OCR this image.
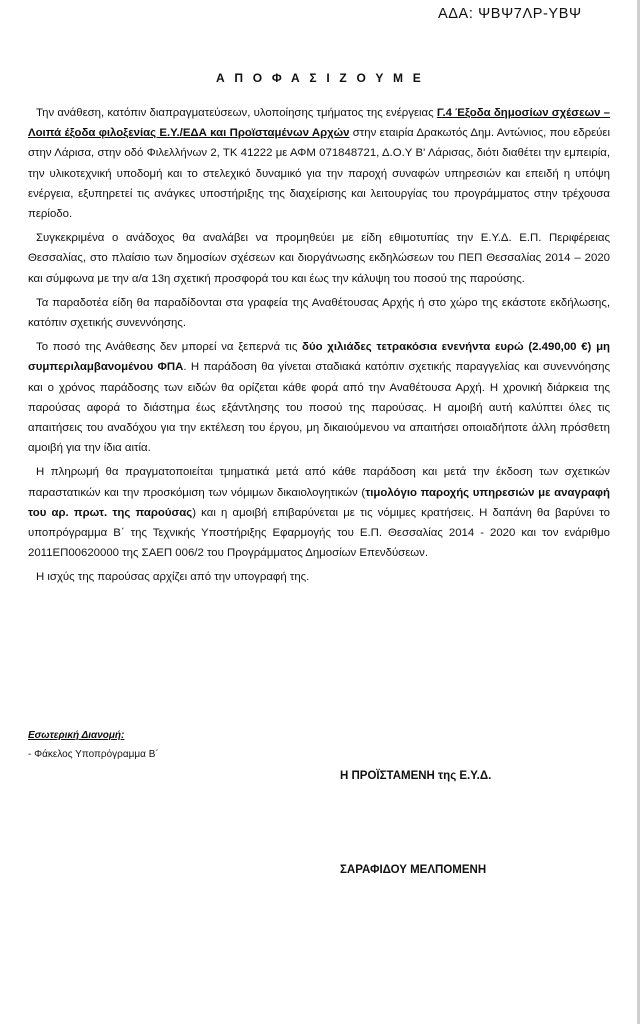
ΑΔΑ: ΨΒΨ7ΛΡ-ΥΒΨ
Α Π Ο Φ Α Σ Ι Ζ Ο Υ Μ Ε

Την ανάθεση, κατόπιν διαπραγματεύσεων, υλοποίησης τμήματος της ενέργειας Γ.4 Έξοδα δημοσίων σχέσεων – Λοιπά έξοδα φιλοξενίας Ε.Υ./ΕΔΑ και Προϊσταμένων Αρχών στην εταιρία Δρακωτός Δημ. Αντώνιος, που εδρεύει στην Λάρισα, στην οδό Φιλελλήνων 2, ΤΚ 41222 με ΑΦΜ 071848721, Δ.Ο.Υ Β' Λάρισας, διότι διαθέτει την εμπειρία, την υλικοτεχνική υποδομή και το στελεχικό δυναμικό για την παροχή συναφών υπηρεσιών και επειδή η υπόψη ενέργεια, εξυπηρετεί τις ανάγκες υποστήριξης της διαχείρισης και λειτουργίας του προγράμματος στην τρέχουσα περίοδο.

Συγκεκριμένα ο ανάδοχος θα αναλάβει να προμηθεύει με είδη εθιμοτυπίας την Ε.Υ.Δ. Ε.Π. Περιφέρειας Θεσσαλίας, στο πλαίσιο των δημοσίων σχέσεων και διοργάνωσης εκδηλώσεων του ΠΕΠ Θεσσαλίας 2014 – 2020 και σύμφωνα με την α/α 13η σχετική προσφορά του και έως την κάλυψη του ποσού της παρούσης.

Τα παραδοτέα είδη θα παραδίδονται στα γραφεία της Αναθέτουσας Αρχής ή στο χώρο της εκάστοτε εκδήλωσης, κατόπιν σχετικής συνεννόησης.

Το ποσό της Ανάθεσης δεν μπορεί να ξεπερνά τις δύο χιλιάδες τετρακόσια ενενήντα ευρώ (2.490,00 €) μη συμπεριλαμβανομένου ΦΠΑ. Η παράδοση θα γίνεται σταδιακά κατόπιν σχετικής παραγγελίας και συνεννόησης και ο χρόνος παράδοσης των ειδών θα ορίζεται κάθε φορά από την Αναθέτουσα Αρχή. Η χρονική διάρκεια της παρούσας αφορά το διάστημα έως εξάντλησης του ποσού της παρούσας. Η αμοιβή αυτή καλύπτει όλες τις απαιτήσεις του αναδόχου για την εκτέλεση του έργου, μη δικαιούμενου να απαιτήσει οποιαδήποτε άλλη πρόσθετη αμοιβή για την ίδια αιτία.

Η πληρωμή θα πραγματοποιείται τμηματικά μετά από κάθε παράδοση και μετά την έκδοση των σχετικών παραστατικών και την προσκόμιση των νόμιμων δικαιολογητικών (τιμολόγιο παροχής υπηρεσιών με αναγραφή του αρ. πρωτ. της παρούσας) και η αμοιβή επιβαρύνεται με τις νόμιμες κρατήσεις. Η δαπάνη θα βαρύνει το υποπρόγραμμα Β΄ της Τεχνικής Υποστήριξης Εφαρμογής του Ε.Π. Θεσσαλίας 2014 - 2020 και τον ενάριθμο 2011ΕΠ00620000 της ΣΑΕΠ 006/2 του Προγράμματος Δημοσίων Επενδύσεων.

Η ισχύς της παρούσας αρχίζει από την υπογραφή της.

Εσωτερική Διανομή:
- Φάκελος Υποπρόγραμμα Β΄
Η ΠΡΟΪΣΤΑΜΕΝΗ της Ε.Υ.Δ.
ΣΑΡΑΦΙΔΟΥ ΜΕΛΠΟΜΕΝΗ
